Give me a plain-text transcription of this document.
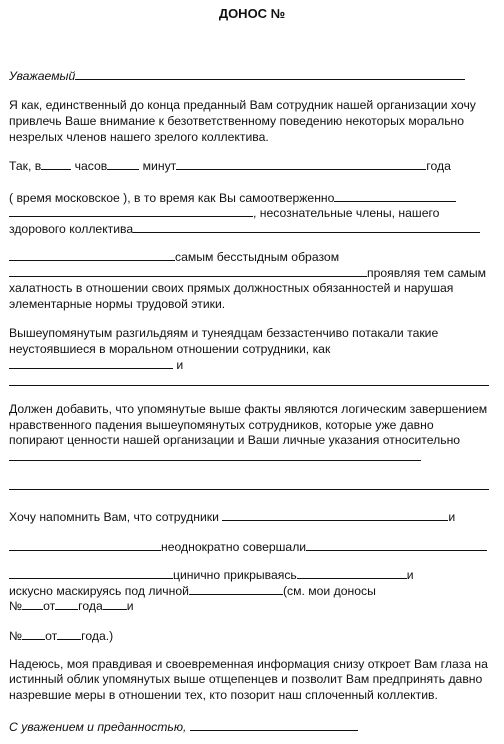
ДОНОС №
Уважаемый
Я как, единственный до конца преданный Вам сотрудник нашей организации хочу
привлечь Ваше внимание к безответственному поведению некоторых морально
незрелых членов нашего зрелого коллектива.
Так, в	часов	минут	года
( время московское ), в то время как Вы самоотверженно
, несознательные члены, нашего
здорового коллектива
самым бесстыдным образом
проявляя тем самым
халатность в отношении своих прямых должностных обязанностей и нарушая
элементарные нормы трудовой этики.
Вышеупомянутым разгильдяям и тунеядцам беззастенчиво потакали такие
неустоявшиеся в моральном отношении сотрудники, как
и
Должен добавить, что упомянутые выше факты являются логическим завершением
нравственного падения вышеупомянутых сотрудников, которые уже давно
попирают ценности нашей организации и Ваши личные указания относительно
Хочу напомнить Вам, что сотрудники	и
неоднократно совершали
цинично прикрываясь	и
искусно маскируясь под личной	(см. мои доносы
№ от года и
№ от года.)
Надеюсь, моя правдивая и своевременная информация снизу откроет Вам глаза на
истинный облик упомянутых выше отщепенцев и позволит Вам предпринять давно
назревшие меры в отношении тех, кто позорит наш сплоченный коллектив.
С уважением и преданностью,
